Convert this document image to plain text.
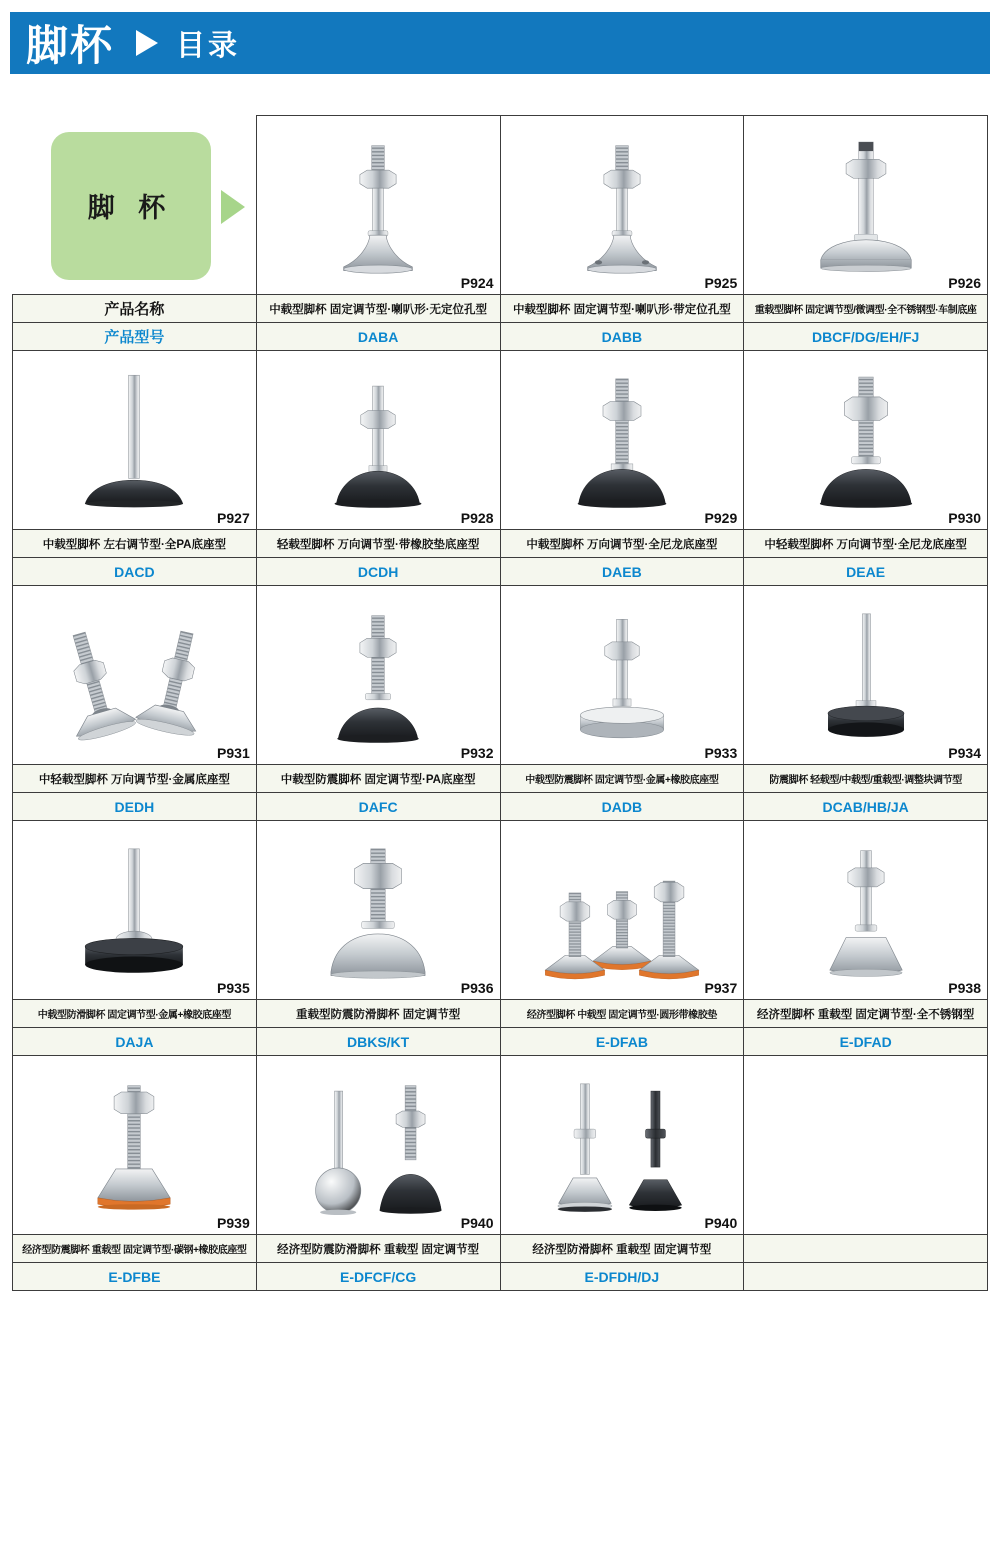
脚杯 目录
脚 杯	P924	P925	P926

产品名称	中载型脚杯 固定调节型·喇叭形·无定位孔型	中载型脚杯 固定调节型·喇叭形·带定位孔型	重载型脚杯 固定调节型/微调型·全不锈钢型·车制底座
产品型号	DABA	DABB	DBCF/DG/EH/FJ

P927	P928	P929	P930

中载型脚杯 左右调节型·全PA底座型	轻载型脚杯 万向调节型·带橡胶垫底座型	中载型脚杯 万向调节型·全尼龙底座型	中轻载型脚杯 万向调节型·全尼龙底座型
DACD	DCDH	DAEB	DEAE

P931	P932	P933	P934

中轻载型脚杯 万向调节型·金属底座型	中载型防震脚杯 固定调节型·PA底座型	中载型防震脚杯 固定调节型·金属+橡胶底座型	防震脚杯 轻载型/中载型/重载型·调整块调节型
DEDH	DAFC	DADB	DCAB/HB/JA

P935	P936	P937	P938

中载型防滑脚杯 固定调节型·金属+橡胶底座型	重载型防震防滑脚杯 固定调节型	经济型脚杯 中载型 固定调节型·圆形带橡胶垫	经济型脚杯 重载型 固定调节型·全不锈钢型
DAJA	DBKS/KT	E-DFAB	E-DFAD

P939	P940	P940	

经济型防震脚杯 重载型 固定调节型·碳钢+橡胶底座型	经济型防震防滑脚杯 重载型 固定调节型	经济型防滑脚杯 重载型 固定调节型	
E-DFBE	E-DFCF/CG	E-DFDH/DJ	
